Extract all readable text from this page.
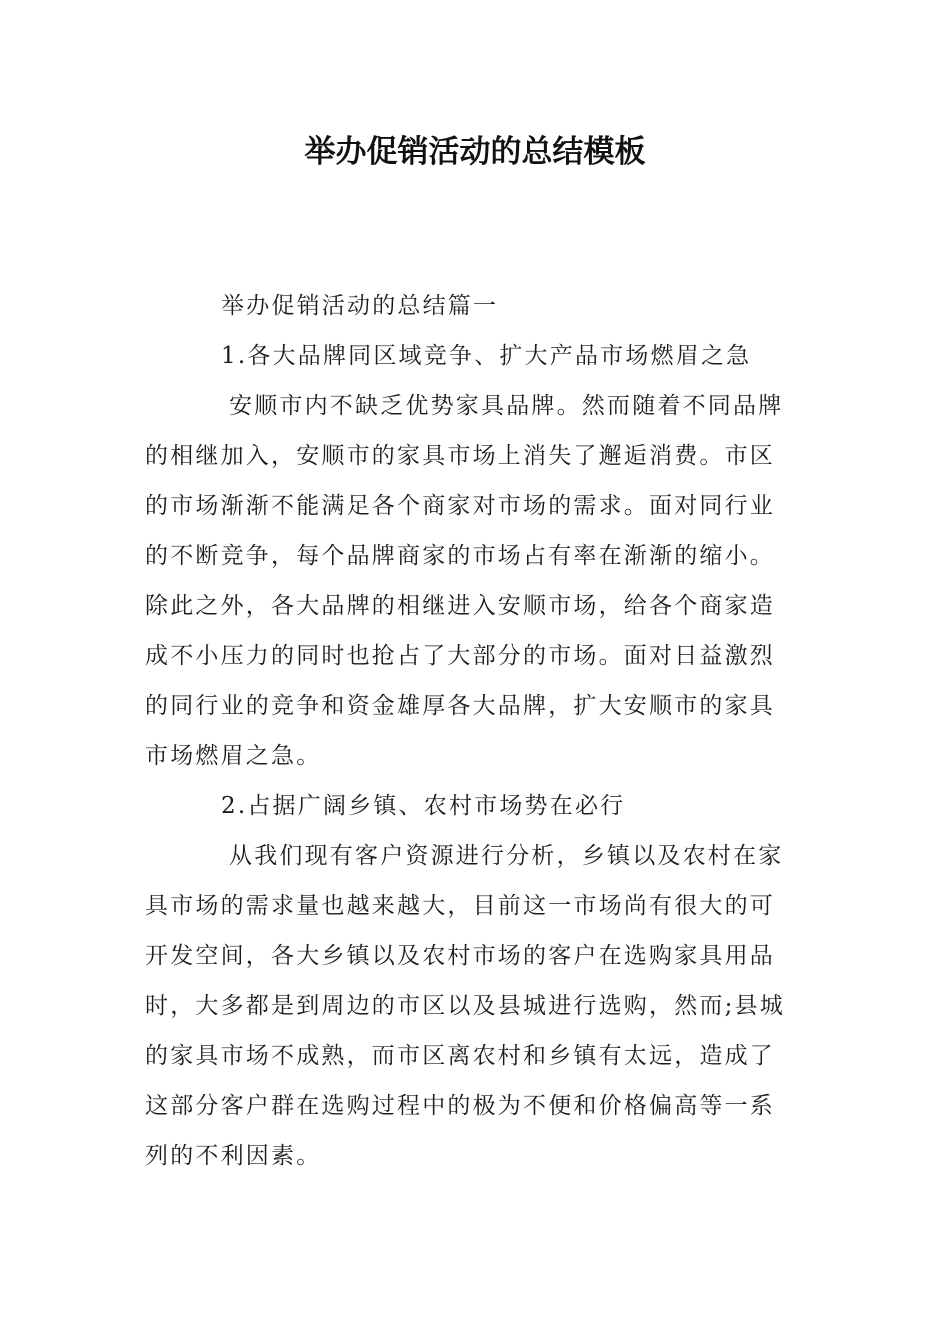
举办促销活动的总结模板
举办促销活动的总结篇一
1.各大品牌同区域竞争、扩大产品市场燃眉之急
安顺市内不缺乏优势家具品牌。然而随着不同品牌
的相继加入，安顺市的家具市场上消失了邂逅消费。市区
的市场渐渐不能满足各个商家对市场的需求。面对同行业
的不断竞争，每个品牌商家的市场占有率在渐渐的缩小。
除此之外，各大品牌的相继进入安顺市场，给各个商家造
成不小压力的同时也抢占了大部分的市场。面对日益激烈
的同行业的竞争和资金雄厚各大品牌，扩大安顺市的家具
市场燃眉之急。
2.占据广阔乡镇、农村市场势在必行
从我们现有客户资源进行分析，乡镇以及农村在家
具市场的需求量也越来越大，目前这一市场尚有很大的可
开发空间，各大乡镇以及农村市场的客户在选购家具用品
时，大多都是到周边的市区以及县城进行选购，然而;县城
的家具市场不成熟，而市区离农村和乡镇有太远，造成了
这部分客户群在选购过程中的极为不便和价格偏高等一系
列的不利因素。
